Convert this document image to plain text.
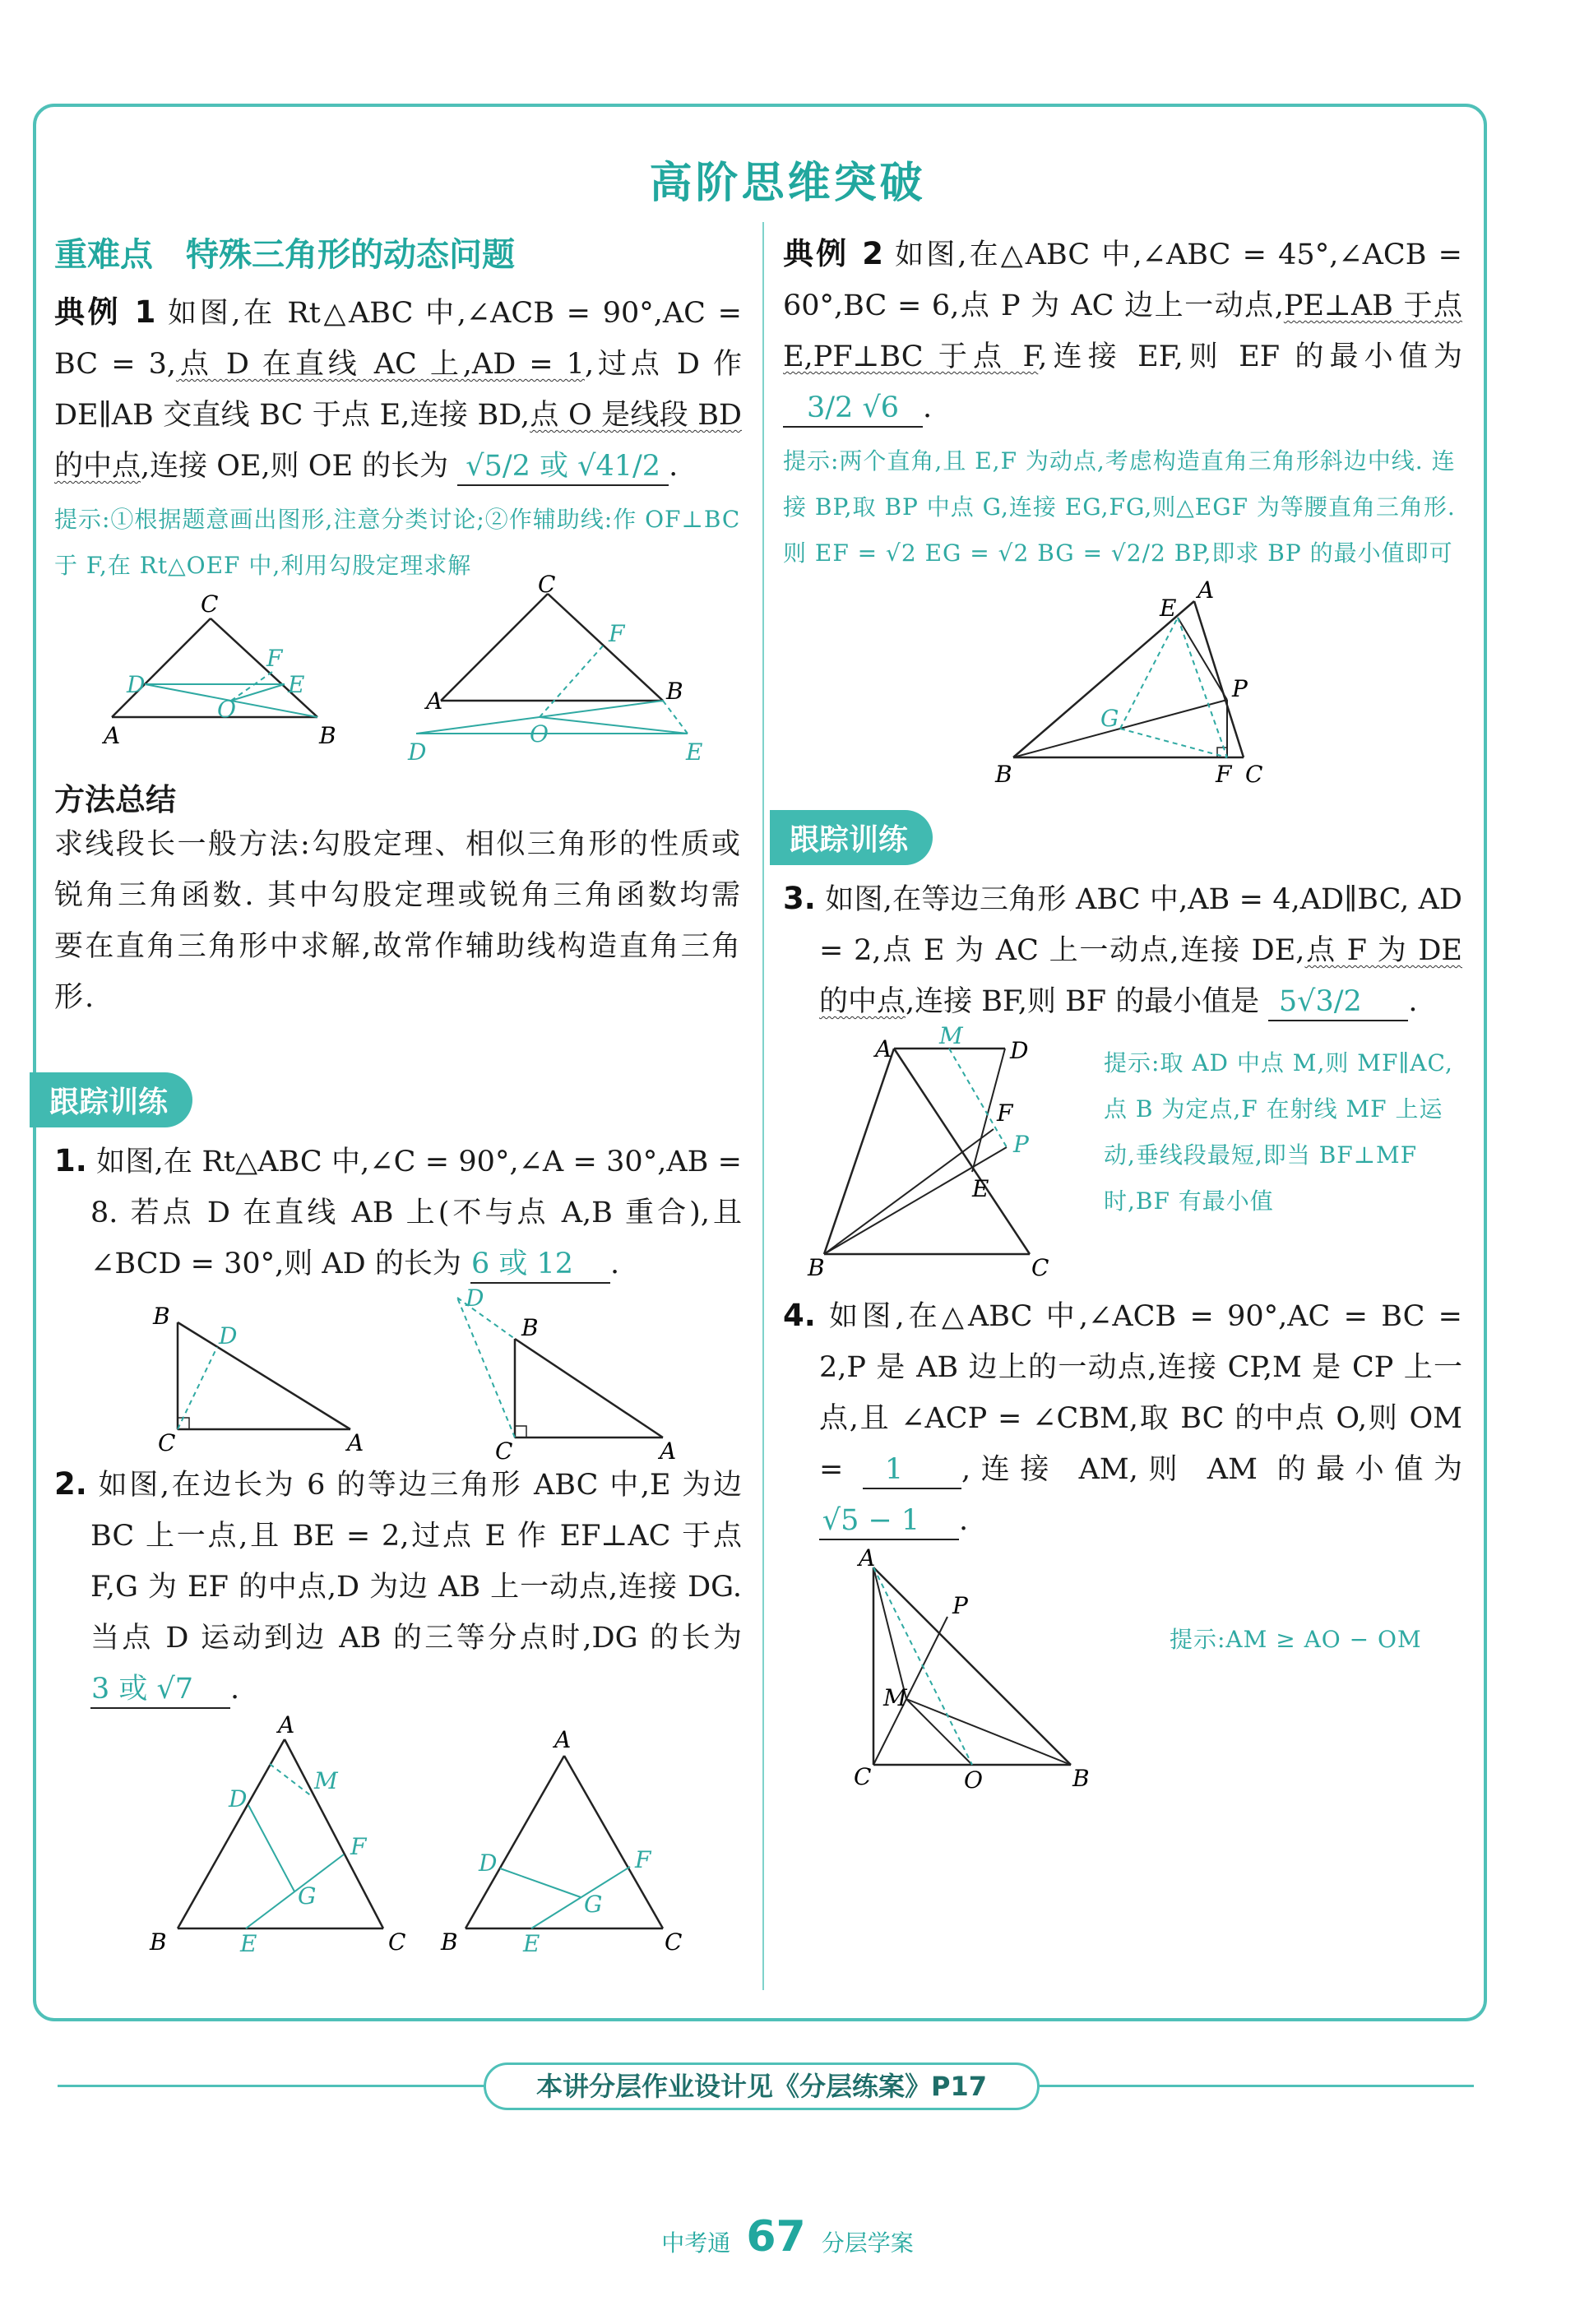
高阶思维突破
重难点　特殊三角形的动态问题

典例 1 如图,在 Rt△ABC 中,∠ACB = 90°,AC = BC = 3,点 D 在直线 AC 上,AD = 1,过点 D 作 DE∥AB 交直线 BC 于点 E,连接 BD,点 O 是线段 BD 的中点,连接 OE,则 OE 的长为 √5/2 或 √41/2 .

提示:①根据题意画出图形,注意分类讨论;②作辅助线:作 OF⊥BC 于 F,在 Rt△OEF 中,利用勾股定理求解
A	B
C
D	E
F
O	A	B
C
D	E
F
O
方法总结

求线段长一般方法:勾股定理、相似三角形的性质或锐角三角函数. 其中勾股定理或锐角三角函数均需要在直角三角形中求解,故常作辅助线构造直角三角形.

跟踪训练

1. 如图,在 Rt△ABC 中,∠C = 90°,∠A = 30°,AB = 8. 若点 D 在直线 AB 上(不与点 A,B 重合),且 ∠BCD = 30°,则 AD 的长为 6 或 12 .

B
C	A
D	B
C	A
D

2. 如图,在边长为 6 的等边三角形 ABC 中,E 为边 BC 上一点,且 BE = 2,过点 E 作 EF⊥AC 于点 F,G 为 EF 的中点,D 为边 AB 上一动点,连接 DG. 当点 D 运动到边 AB 的三等分点时,DG 的长为 3 或 √7 .

B	C
A
D
E
F
G
M
B	C
A
D
E
F
G

典例 2 如图,在△ABC 中,∠ABC = 45°,∠ACB = 60°,BC = 6,点 P 为 AC 边上一动点,PE⊥AB 于点 E,PF⊥BC 于点 F,连接 EF,则 EF 的最小值为 3/2 √6 .

提示:两个直角,且 E,F 为动点,考虑构造直角三角形斜边中线. 连接 BP,取 BP 中点 G,连接 EG,FG,则△EGF 为等腰直角三角形. 则 EF = √2 EG = √2 BG = √2/2 BP,即求 BP 的最小值即可
A
B	C
E
F
P
G
跟踪训练

3. 如图,在等边三角形 ABC 中,AB = 4,AD∥BC, AD = 2,点 E 为 AC 上一动点,连接 DE,点 F 为 DE 的中点,连接 BF,则 BF 的最小值是 5√3/2 .

A	D
B	C
E
F
M
P
提示:取 AD 中点 M,则 MF∥AC,点 B 为定点,F 在射线 MF 上运动,垂线段最短,即当 BF⊥MF 时,BF 有最小值

4. 如图,在△ABC 中,∠ACB = 90°,AC = BC = 2,P 是 AB 边上的一动点,连接 CP,M 是 CP 上一点,且 ∠ACP = ∠CBM,取 BC 的中点 O,则 OM = 1 ,连接 AM,则 AM 的最小值为 √5 − 1 .

A
C	B
O
P
M
提示:AM ≥ AO − OM
本讲分层作业设计见《分层练案》P17
中考通 67 分层学案
